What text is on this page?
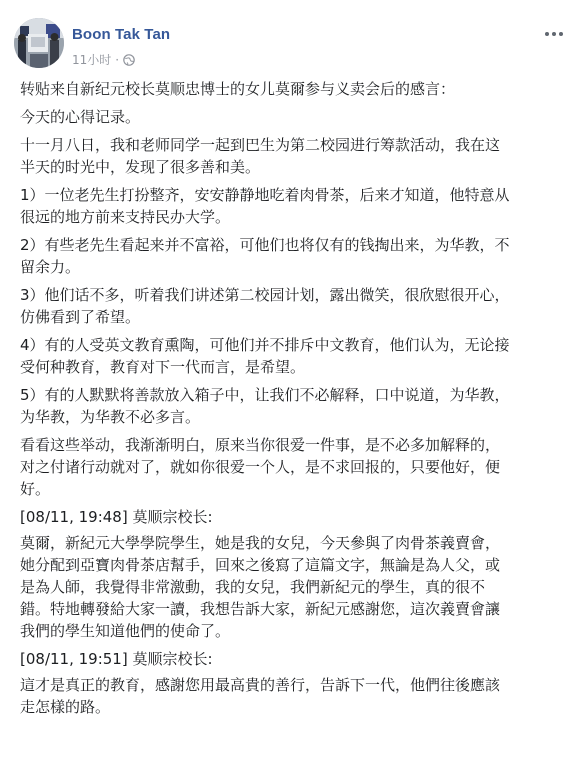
Boon Tak Tan
11小时 ·

转贴来自新纪元校长莫顺忠博士的女儿莫爾参与义卖会后的感言：

今天的心得记录。

十一月八日，我和老师同学一起到巴生为第二校园进行筹款活动，我在这
半天的时光中，发现了很多善和美。

1）一位老先生打扮整齐，安安静静地吃着肉骨茶，后来才知道，他特意从
很远的地方前来支持民办大学。

2）有些老先生看起来并不富裕，可他们也将仅有的钱掏出来，为华教，不
留余力。

3）他们话不多，听着我们讲述第二校园计划，露出微笑，很欣慰很开心，
仿佛看到了希望。

4）有的人受英文教育熏陶，可他们并不排斥中文教育，他们认为，无论接
受何种教育，教育对下一代而言，是希望。

5）有的人默默将善款放入箱子中，让我们不必解释，口中说道，为华教，
为华教，为华教不必多言。

看看这些举动，我渐渐明白，原来当你很爱一件事，是不必多加解释的，
对之付诸行动就对了，就如你很爱一个人，是不求回报的，只要他好，便
好。

[08/11, 19:48] 莫顺宗校长:

莫爾，新紀元大學學院學生，她是我的女兒，今天參與了肉骨茶義賣會，
她分配到亞寶肉骨茶店幫手，回來之後寫了這篇文字，無論是為人父，或
是為人師，我覺得非常激動，我的女兒，我們新紀元的學生，真的很不
錯。特地轉發給大家一讀，我想告訴大家，新紀元感謝您，這次義賣會讓
我們的學生知道他們的使命了。

[08/11, 19:51] 莫顺宗校长:

這才是真正的教育，感謝您用最高貴的善行，告訴下一代，他們往後應該
走怎樣的路。
